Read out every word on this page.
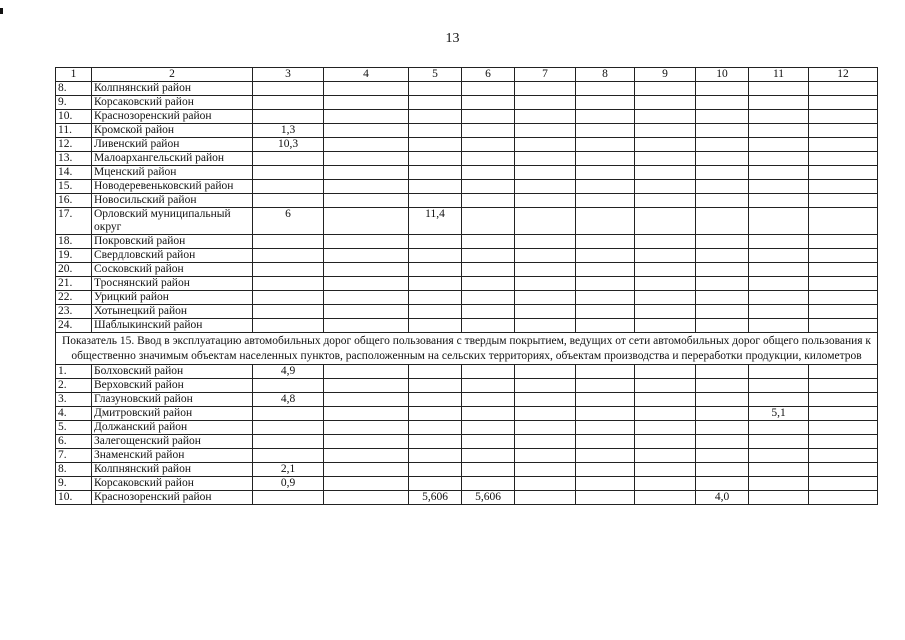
13
1	2	3	4	5	6	7	8	9	10	11	12
8.	Колпнянский район										
9.	Корсаковский район										
10.	Краснозоренский район										
11.	Кромской район	1,3									
12.	Ливенский район	10,3									
13.	Малоархангельский район										
14.	Мценский район										
15.	Новодеревеньковский район										
16.	Новосильский район										
17.	Орловский муниципальный округ	6		11,4							
18.	Покровский район										
19.	Свердловский район										
20.	Сосковский район										
21.	Троснянский район										
22.	Урицкий район										
23.	Хотынецкий район										
24.	Шаблыкинский район										
Показатель 15. Ввод в эксплуатацию автомобильных дорог общего пользования с твердым покрытием, ведущих от сети автомобильных дорог общего пользования к общественно значимым объектам населенных пунктов, расположенным на сельских территориях, объектам производства и переработки продукции, километров											
1.	Болховский район	4,9									
2.	Верховский район										
3.	Глазуновский район	4,8									
4.	Дмитровский район									5,1	
5.	Должанский район										
6.	Залегощенский район										
7.	Знаменский район										
8.	Колпнянский район	2,1									
9.	Корсаковский район	0,9									
10.	Краснозоренский район			5,606	5,606				4,0		
